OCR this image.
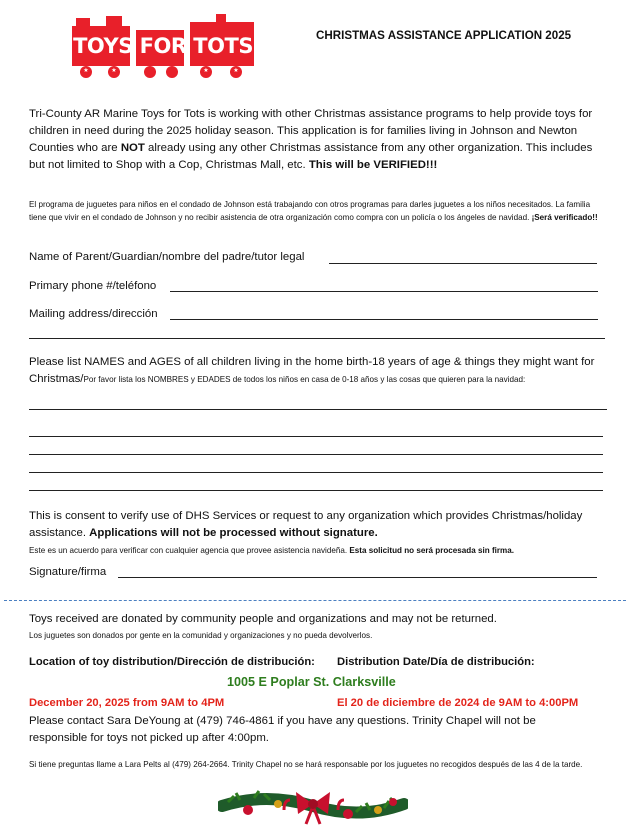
★	★	★	★
TOYS FOR TOTS	CHRISTMAS ASSISTANCE APPLICATION 2025
Tri-County AR Marine Toys for Tots is working with other Christmas assistance programs to help provide toys for children in need during the 2025 holiday season. This application is for families living in Johnson and Newton Counties who are NOT already using any other Christmas assistance from any other organization. This includes but not limited to Shop with a Cop, Christmas Mall, etc. This will be VERIFIED!!!
El programa de juguetes para niños en el condado de Johnson está trabajando con otros programas para darles juguetes a los niños necesitados. La familia tiene que vivir en el condado de Johnson y no recibir asistencia de otra organización como compra con un policía o los ángeles de navidad. ¡Será verificado!!
Name of Parent/Guardian/nombre del padre/tutor legal
Primary phone #/teléfono
Mailing address/dirección
Please list NAMES and AGES of all children living in the home birth-18 years of age & things they might want for Christmas/Por favor lista los NOMBRES y EDADES de todos los niños en casa de 0-18 años y las cosas que quieren para la navidad:
This is consent to verify use of DHS Services or request to any organization which provides Christmas/holiday assistance. Applications will not be processed without signature.
Este es un acuerdo para verificar con cualquier agencia que provee asistencia navideña. Esta solicitud no será procesada sin firma.
Signature/firma
Toys received are donated by community people and organizations and may not be returned.
Los juguetes son donados por gente en la comunidad y organizaciones y no pueda devolverlos.
Location of toy distribution/Dirección de distribución: Distribution Date/Día de distribución:
1005 E Poplar St. Clarksville
December 20, 2025 from 9AM to 4PM	El 20 de diciembre de 2024 de 9AM to 4:00PM
Please contact Sara DeYoung at (479) 746-4861 if you have any questions. Trinity Chapel will not be responsible for toys not picked up after 4:00pm.
Si tiene preguntas llame a Lara Pelts al (479) 264-2664. Trinity Chapel no se hará responsable por los juguetes no recogidos después de las 4 de la tarde.
